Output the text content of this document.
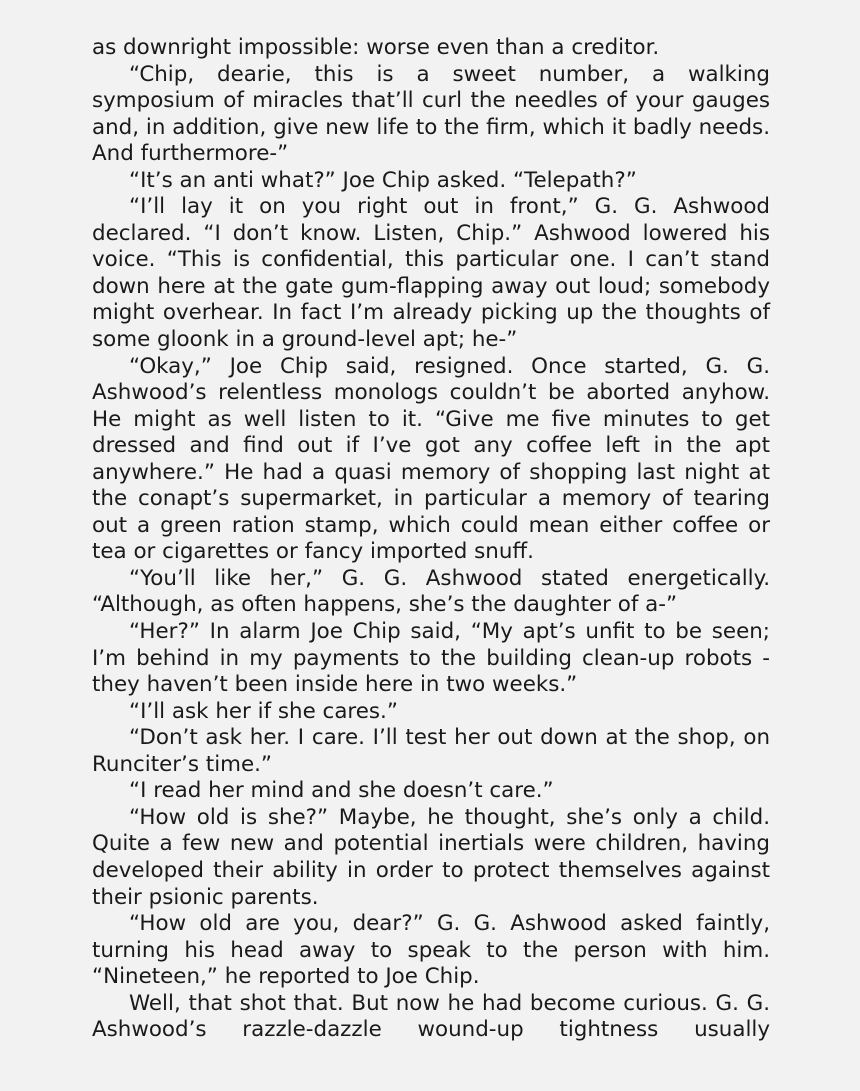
as downright impossible: worse even than a creditor.

“Chip, dearie, this is a sweet number, a walking symposium of miracles that’ll curl the needles of your gauges and, in addition, give new life to the firm, which it badly needs. And furthermore-”

“It’s an anti what?” Joe Chip asked. “Telepath?”

“I’ll lay it on you right out in front,” G. G. Ashwood declared. “I don’t know. Listen, Chip.” Ashwood lowered his voice. “This is confidential, this particular one. I can’t stand down here at the gate gum-flapping away out loud; somebody might overhear. In fact I’m already picking up the thoughts of some gloonk in a ground-level apt; he-”

“Okay,” Joe Chip said, resigned. Once started, G. G. Ashwood’s relentless monologs couldn’t be aborted anyhow. He might as well listen to it. “Give me five minutes to get dressed and find out if I’ve got any coffee left in the apt anywhere.” He had a quasi memory of shopping last night at the conapt’s supermarket, in particular a memory of tearing out a green ration stamp, which could mean either coffee or tea or cigarettes or fancy imported snuff.

“You’ll like her,” G. G. Ashwood stated energetically. “Although, as often happens, she’s the daughter of a-”

“Her?” In alarm Joe Chip said, “My apt’s unfit to be seen; I’m behind in my payments to the building clean-up robots - they haven’t been inside here in two weeks.”

“I’ll ask her if she cares.”

“Don’t ask her. I care. I’ll test her out down at the shop, on Runciter’s time.”

“I read her mind and she doesn’t care.”

“How old is she?” Maybe, he thought, she’s only a child. Quite a few new and potential inertials were children, having developed their ability in order to protect themselves against their psionic parents.

“How old are you, dear?” G. G. Ashwood asked faintly, turning his head away to speak to the person with him. “Nineteen,” he reported to Joe Chip.

Well, that shot that. But now he had become curious. G. G. Ashwood’s razzle-dazzle wound-up tightness usually
